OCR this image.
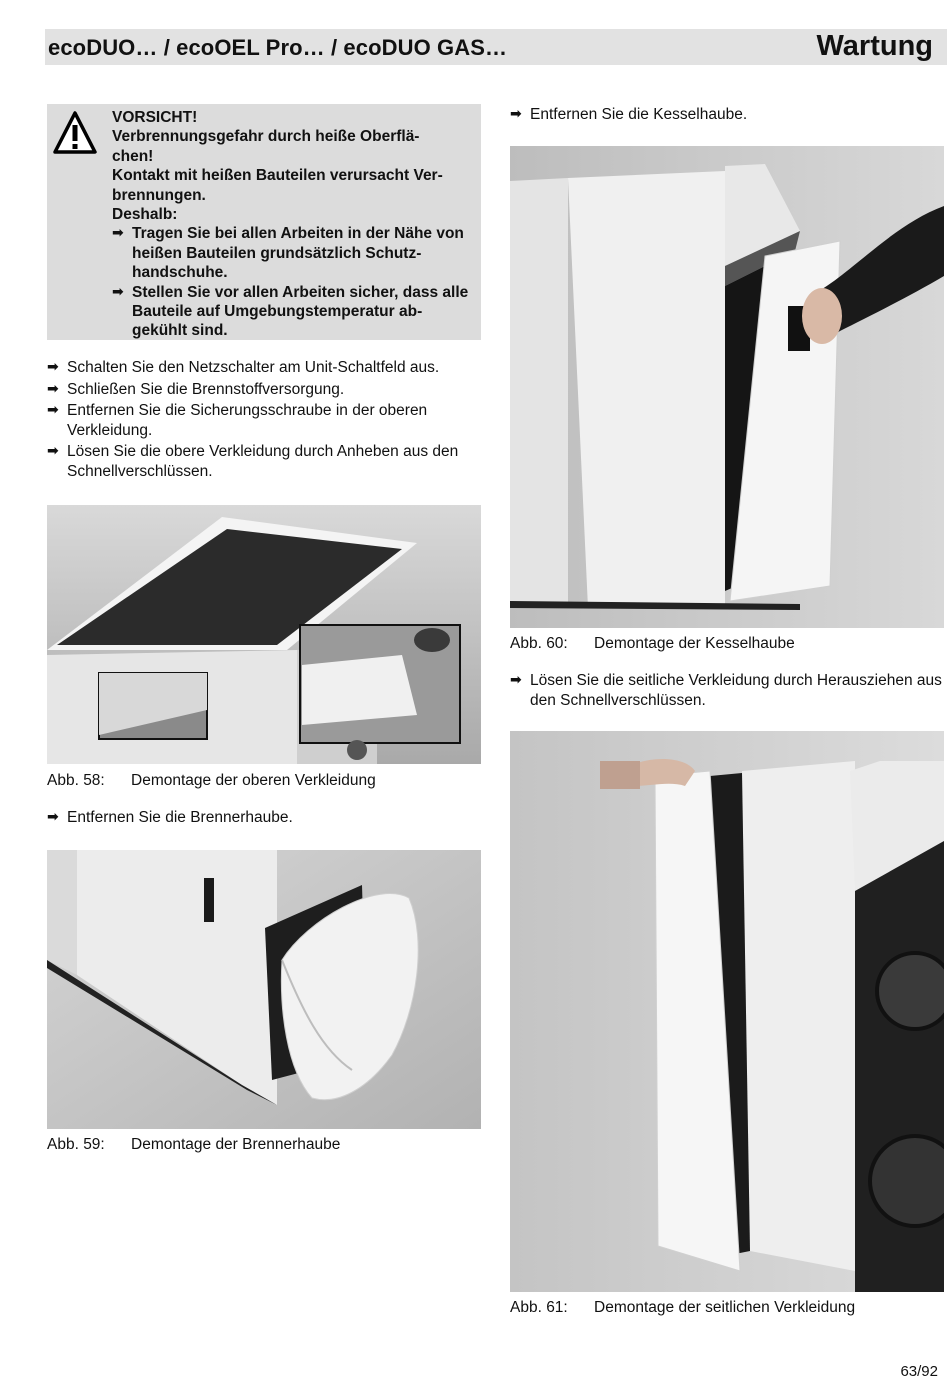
ecoDUO… / ecoOEL Pro… / ecoDUO GAS…	Wartung

VORSICHT!

Verbrennungsgefahr durch heiße Oberflä-

chen!

Kontakt mit heißen Bauteilen verursacht Ver-

brennungen.

Deshalb:

➡ Tragen Sie bei allen Arbeiten in der Nähe von heißen Bauteilen grundsätzlich Schutz-handschuhe.
➡ Stellen Sie vor allen Arbeiten sicher, dass alle Bauteile auf Umgebungstemperatur ab-gekühlt sind.
➡ Schalten Sie den Netzschalter am Unit-Schaltfeld aus.
➡ Schließen Sie die Brennstoffversorgung.
➡ Entfernen Sie die Sicherungsschraube in der oberen Verkleidung.
➡ Lösen Sie die obere Verkleidung durch Anheben aus den Schnellverschlüssen.
Abb. 58: Demontage der oberen Verkleidung
➡ Entfernen Sie die Brennerhaube.
Abb. 59: Demontage der Brennerhaube
➡ Entfernen Sie die Kesselhaube.
Abb. 60: Demontage der Kesselhaube
➡ Lösen Sie die seitliche Verkleidung durch Herausziehen aus den Schnellverschlüssen.
Abb. 61: Demontage der seitlichen Verkleidung
63/92
